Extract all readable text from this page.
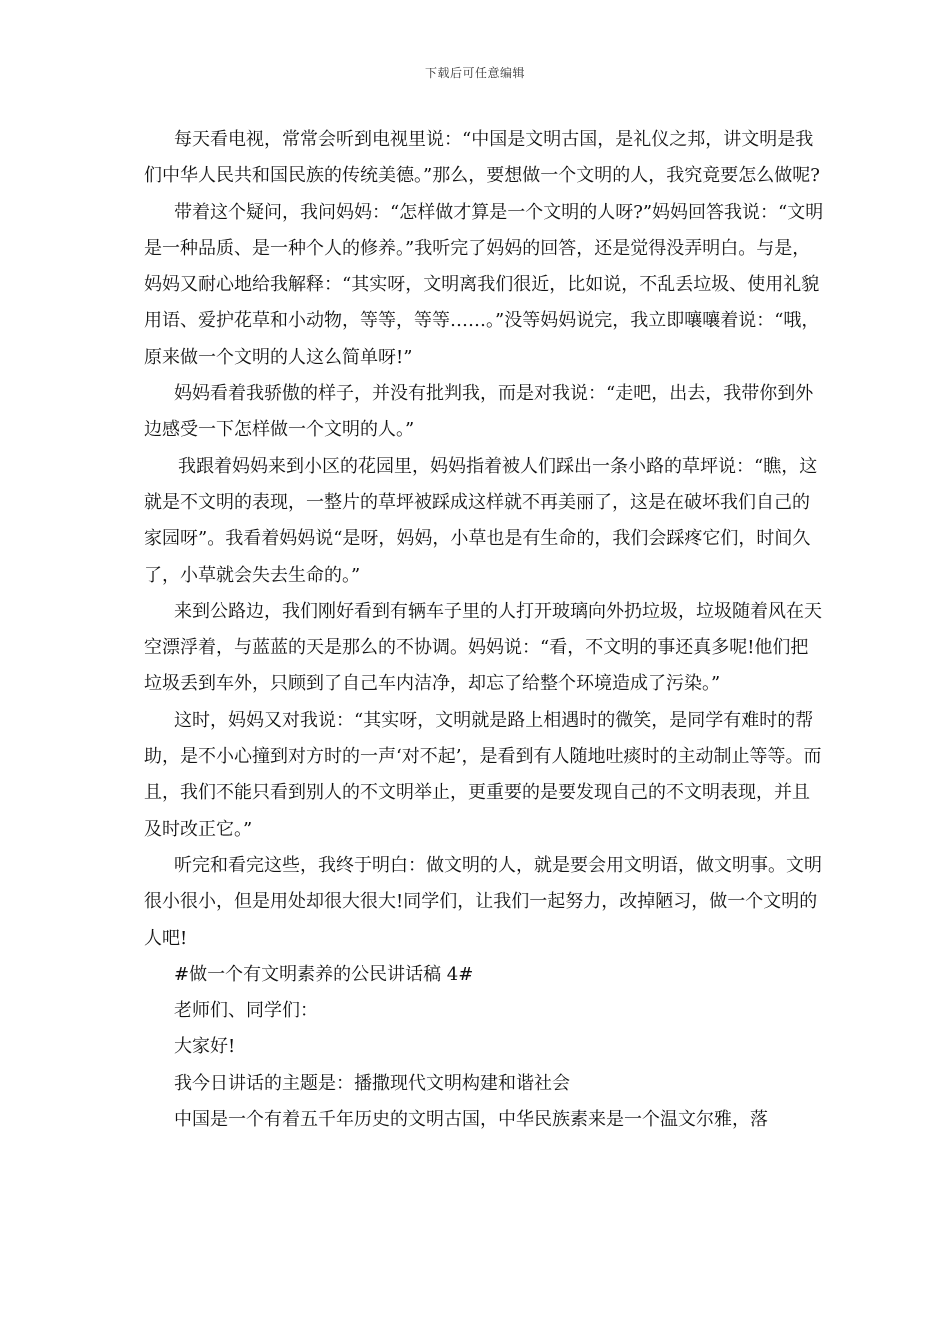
下载后可任意编辑

每天看电视，常常会听到电视里说：“中国是文明古国，是礼仪之邦，讲文明是我们中华人民共和国民族的传统美德。”那么，要想做一个文明的人，我究竟要怎么做呢?

带着这个疑问，我问妈妈：“怎样做才算是一个文明的人呀?”妈妈回答我说：“文明是一种品质、是一种个人的修养。”我听完了妈妈的回答，还是觉得没弄明白。与是，妈妈又耐心地给我解释：“其实呀，文明离我们很近，比如说，不乱丢垃圾、使用礼貌用语、爱护花草和小动物，等等，等等……。”没等妈妈说完，我立即嚷嚷着说：“哦，原来做一个文明的人这么简单呀!”

妈妈看着我骄傲的样子，并没有批判我，而是对我说：“走吧，出去，我带你到外边感受一下怎样做一个文明的人。”

我跟着妈妈来到小区的花园里，妈妈指着被人们踩出一条小路的草坪说：“瞧，这就是不文明的表现，一整片的草坪被踩成这样就不再美丽了，这是在破坏我们自己的家园呀”。我看着妈妈说“是呀，妈妈，小草也是有生命的，我们会踩疼它们，时间久了，小草就会失去生命的。”

来到公路边，我们刚好看到有辆车子里的人打开玻璃向外扔垃圾，垃圾随着风在天空漂浮着，与蓝蓝的天是那么的不协调。妈妈说：“看，不文明的事还真多呢!他们把垃圾丢到车外，只顾到了自己车内洁净，却忘了给整个环境造成了污染。”

这时，妈妈又对我说：“其实呀，文明就是路上相遇时的微笑，是同学有难时的帮助，是不小心撞到对方时的一声‘对不起’，是看到有人随地吐痰时的主动制止等等。而且，我们不能只看到别人的不文明举止，更重要的是要发现自己的不文明表现，并且及时改正它。”

听完和看完这些，我终于明白：做文明的人，就是要会用文明语，做文明事。文明很小很小，但是用处却很大很大!同学们，让我们一起努力，改掉陋习，做一个文明的人吧!

#做一个有文明素养的公民讲话稿 4#

老师们、同学们：

大家好!

我今日讲话的主题是：播撒现代文明构建和谐社会

中国是一个有着五千年历史的文明古国，中华民族素来是一个温文尔雅，落
